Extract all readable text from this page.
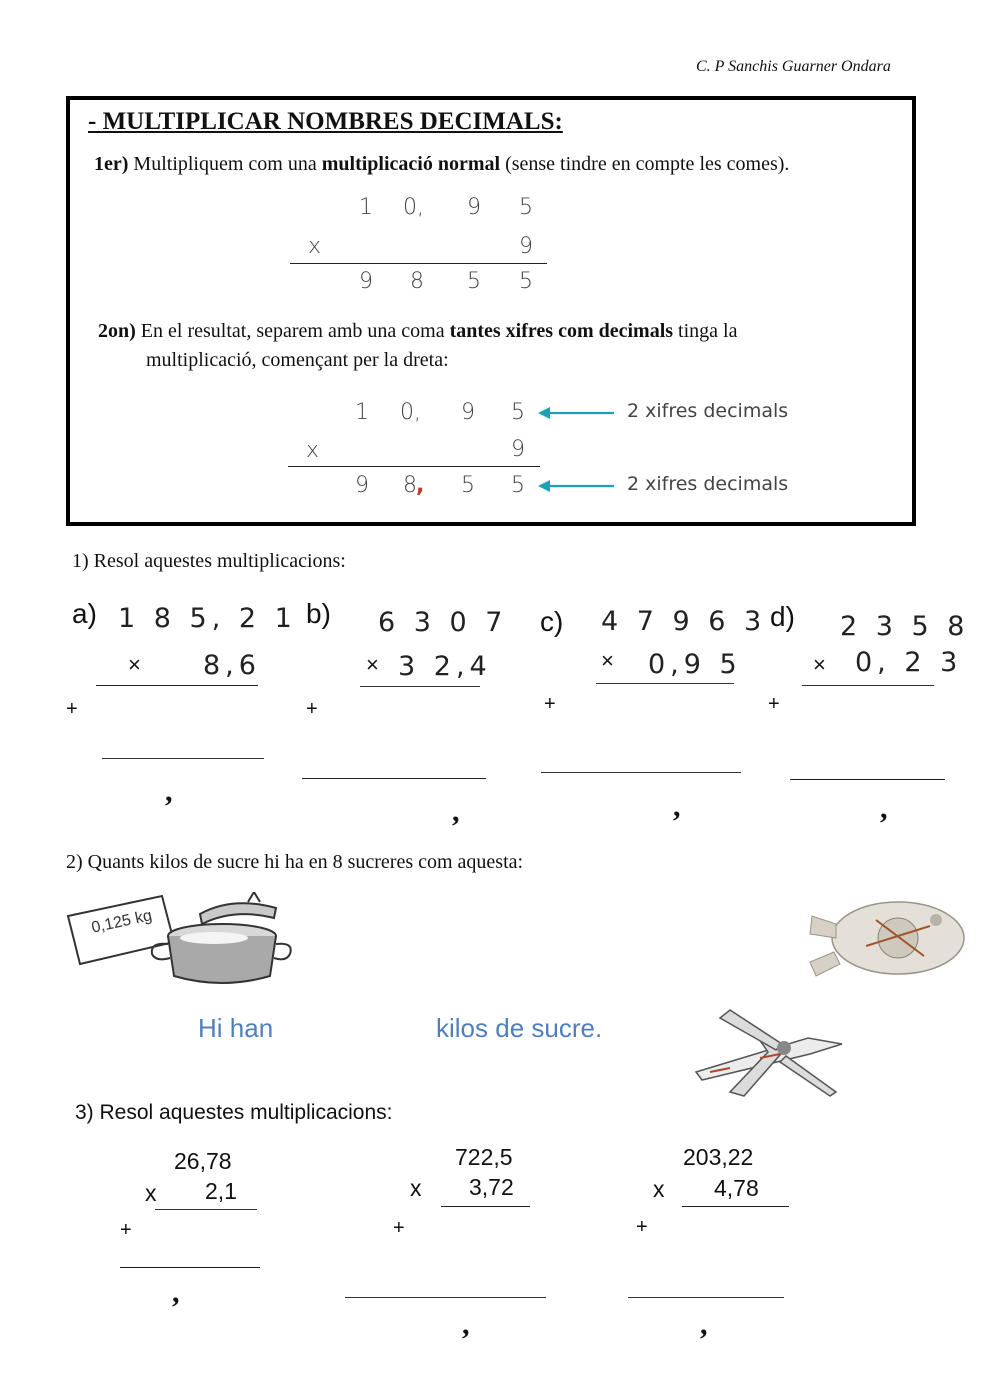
C. P Sanchis Guarner Ondara
- MULTIPLICAR NOMBRES DECIMALS:
1er) Multipliquem com una multiplicació normal (sense tindre en compte les comes).
1 0, 9 5
x	9
9 8 5 5
2on) En el resultat, separem amb una coma tantes xifres com decimals tinga la
multiplicació, començant per la dreta:
1 0, 9 5
x	9
9 8 , 5 5
2 xifres decimals
2 xifres decimals
1) Resol aquestes multiplicacions:
a) 1 8 5, 2 1
× 8,6
+
,
b) 6 3 0 7
× 3 2,4
+
,
c) 4 7 9 6 3
× 0,9 5
+
,
d) 2 3 5 8
× 0, 2 3
+
,
2) Quants kilos de sucre hi ha en 8 sucreres com aquesta:
0,125 kg
Hi han	kilos de sucre.
3) Resol aquestes multiplicacions:
26,78
x 2,1
+
,
722,5
x 3,72
+
,
203,22
x 4,78
+
,
